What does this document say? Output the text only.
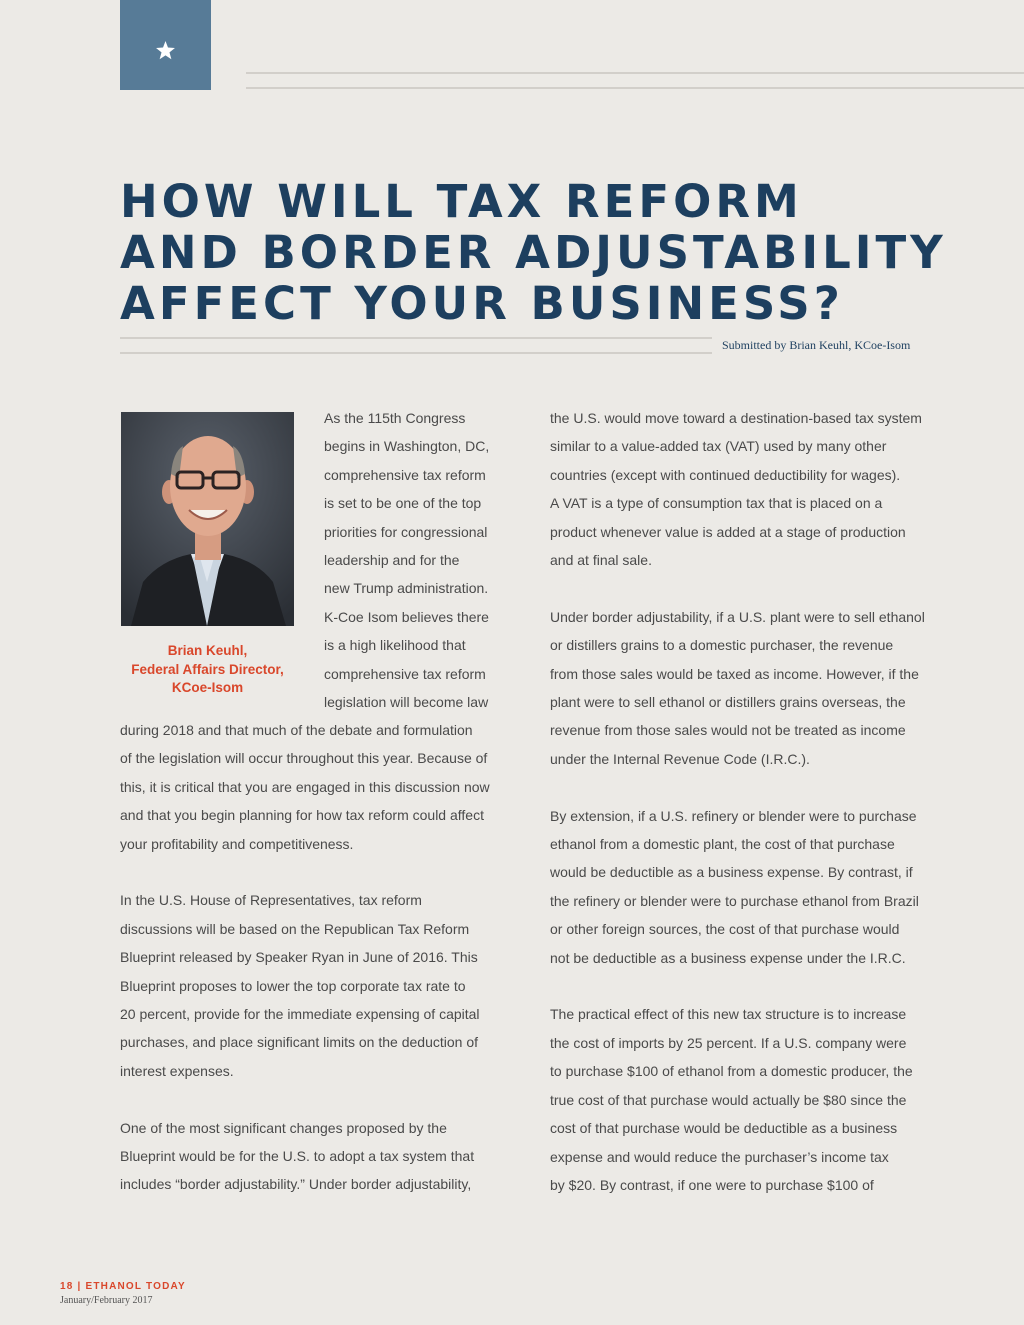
HOW WILL TAX REFORM
AND BORDER ADJUSTABILITY
AFFECT YOUR BUSINESS?
Submitted by Brian Keuhl, KCoe-Isom
Brian Keuhl,
Federal Affairs Director,
KCoe-Isom
As the 115th Congress
begins in Washington, DC,
comprehensive tax reform
is set to be one of the top
priorities for congressional
leadership and for the
new Trump administration.
K-Coe Isom believes there
is a high likelihood that
comprehensive tax reform
legislation will become law
during 2018 and that much of the debate and formulation
of the legislation will occur throughout this year. Because of
this, it is critical that you are engaged in this discussion now
and that you begin planning for how tax reform could affect
your profitability and competitiveness.
In the U.S. House of Representatives, tax reform
discussions will be based on the Republican Tax Reform
Blueprint released by Speaker Ryan in June of 2016. This
Blueprint proposes to lower the top corporate tax rate to
20 percent, provide for the immediate expensing of capital
purchases, and place significant limits on the deduction of
interest expenses.
One of the most significant changes proposed by the
Blueprint would be for the U.S. to adopt a tax system that
includes “border adjustability.” Under border adjustability,
the U.S. would move toward a destination-based tax system
similar to a value-added tax (VAT) used by many other
countries (except with continued deductibility for wages).
A VAT is a type of consumption tax that is placed on a
product whenever value is added at a stage of production
and at final sale.
Under border adjustability, if a U.S. plant were to sell ethanol
or distillers grains to a domestic purchaser, the revenue
from those sales would be taxed as income. However, if the
plant were to sell ethanol or distillers grains overseas, the
revenue from those sales would not be treated as income
under the Internal Revenue Code (I.R.C.).
By extension, if a U.S. refinery or blender were to purchase
ethanol from a domestic plant, the cost of that purchase
would be deductible as a business expense. By contrast, if
the refinery or blender were to purchase ethanol from Brazil
or other foreign sources, the cost of that purchase would
not be deductible as a business expense under the I.R.C.
The practical effect of this new tax structure is to increase
the cost of imports by 25 percent. If a U.S. company were
to purchase $100 of ethanol from a domestic producer, the
true cost of that purchase would actually be $80 since the
cost of that purchase would be deductible as a business
expense and would reduce the purchaser’s income tax
by $20. By contrast, if one were to purchase $100 of
18 | ETHANOL TODAY
January/February 2017
